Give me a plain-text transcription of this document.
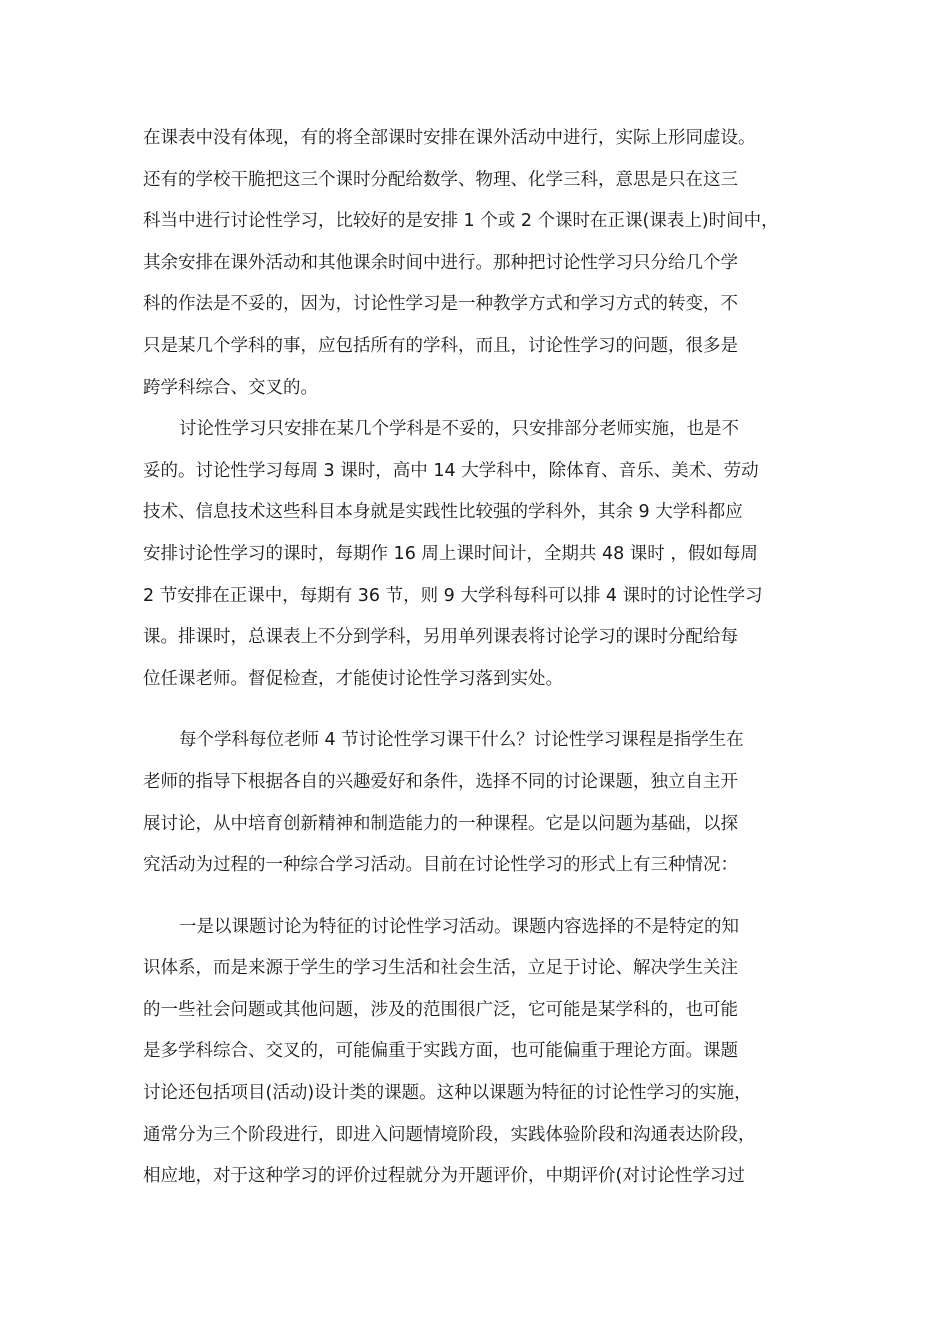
在课表中没有体现，有的将全部课时安排在课外活动中进行，实际上形同虚设。
还有的学校干脆把这三个课时分配给数学、物理、化学三科，意思是只在这三
科当中进行讨论性学习，比较好的是安排 1 个或 2 个课时在正课(课表上)时间中，
其余安排在课外活动和其他课余时间中进行。那种把讨论性学习只分给几个学
科的作法是不妥的，因为，讨论性学习是一种教学方式和学习方式的转变，不
只是某几个学科的事，应包括所有的学科，而且，讨论性学习的问题，很多是
跨学科综合、交叉的。
讨论性学习只安排在某几个学科是不妥的，只安排部分老师实施，也是不
妥的。讨论性学习每周 3 课时，高中 14 大学科中，除体育、音乐、美术、劳动
技术、信息技术这些科目本身就是实践性比较强的学科外，其余 9 大学科都应
安排讨论性学习的课时，每期作 16 周上课时间计，全期共 48 课时 ，假如每周
2 节安排在正课中，每期有 36 节，则 9 大学科每科可以排 4 课时的讨论性学习
课。排课时，总课表上不分到学科，另用单列课表将讨论学习的课时分配给每
位任课老师。督促检查，才能使讨论性学习落到实处。
每个学科每位老师 4 节讨论性学习课干什么？讨论性学习课程是指学生在
老师的指导下根据各自的兴趣爱好和条件，选择不同的讨论课题，独立自主开
展讨论，从中培育创新精神和制造能力的一种课程。它是以问题为基础，以探
究活动为过程的一种综合学习活动。目前在讨论性学习的形式上有三种情况：
一是以课题讨论为特征的讨论性学习活动。课题内容选择的不是特定的知
识体系，而是来源于学生的学习生活和社会生活，立足于讨论、解决学生关注
的一些社会问题或其他问题，涉及的范围很广泛，它可能是某学科的，也可能
是多学科综合、交叉的，可能偏重于实践方面，也可能偏重于理论方面。课题
讨论还包括项目(活动)设计类的课题。这种以课题为特征的讨论性学习的实施，
通常分为三个阶段进行，即进入问题情境阶段，实践体验阶段和沟通表达阶段，
相应地，对于这种学习的评价过程就分为开题评价，中期评价(对讨论性学习过
